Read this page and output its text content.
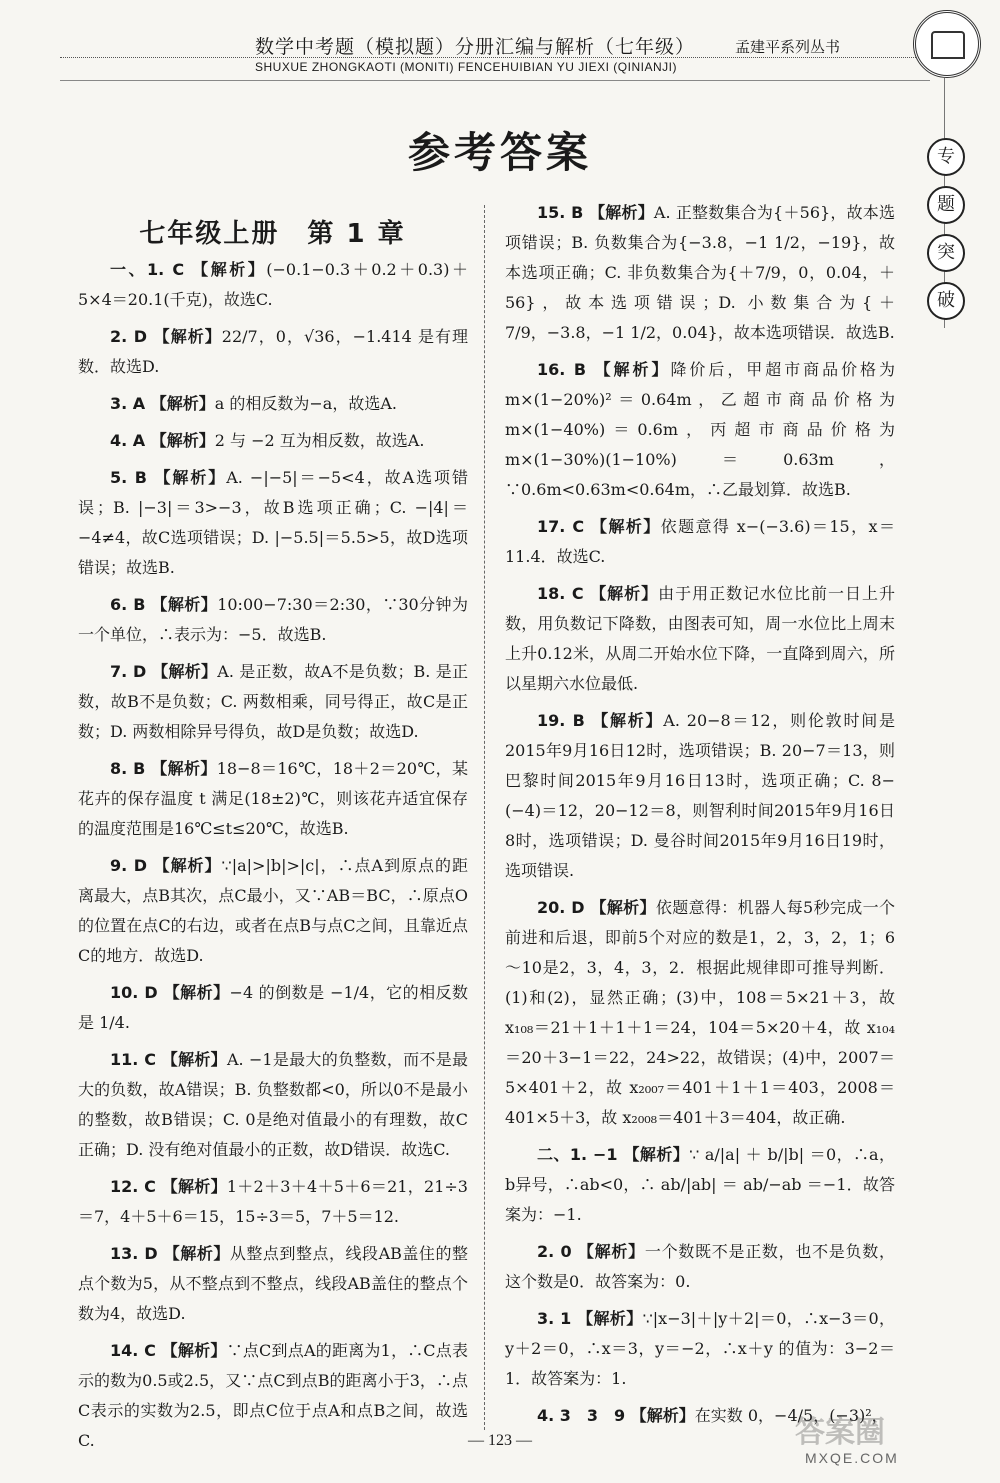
数学中考题（模拟题）分册汇编与解析（七年级）	孟建平系列丛书
SHUXUE ZHONGKAOTI (MONITI) FENCEHUIBIAN YU JIEXI (QINIANJI)
专
题
突
破
参考答案
七年级上册　第 1 章
一、1. C 【解析】(−0.1−0.3＋0.2＋0.3)＋5×4＝20.1(千克)，故选C.
2. D 【解析】22/7，0，√36，−1.414 是有理数．故选D.
3. A 【解析】a 的相反数为−a，故选A.
4. A 【解析】2 与 −2 互为相反数，故选A.
5. B 【解析】A. −|−5|＝−5<4，故A选项错误；B. |−3|＝3>−3，故B选项正确；C. −|4|＝−4≠4，故C选项错误；D. |−5.5|＝5.5>5，故D选项错误；故选B.
6. B 【解析】10:00−7:30＝2:30，∵30分钟为一个单位，∴表示为：−5．故选B.
7. D 【解析】A. 是正数，故A不是负数；B. 是正数，故B不是负数；C. 两数相乘，同号得正，故C是正数；D. 两数相除异号得负，故D是负数；故选D.
8. B 【解析】18−8＝16℃，18＋2＝20℃，某花卉的保存温度 t 满足(18±2)℃，则该花卉适宜保存的温度范围是16℃≤t≤20℃，故选B.
9. D 【解析】∵|a|>|b|>|c|，∴点A到原点的距离最大，点B其次，点C最小，又∵AB＝BC，∴原点O的位置在点C的右边，或者在点B与点C之间，且靠近点C的地方．故选D.
10. D 【解析】−4 的倒数是 −1/4，它的相反数是 1/4.
11. C 【解析】A. −1是最大的负整数，而不是最大的负数，故A错误；B. 负整数都<0，所以0不是最小的整数，故B错误；C. 0是绝对值最小的有理数，故C正确；D. 没有绝对值最小的正数，故D错误．故选C.
12. C 【解析】1＋2＋3＋4＋5＋6＝21，21÷3＝7，4＋5＋6＝15，15÷3＝5，7＋5＝12.
13. D 【解析】从整点到整点，线段AB盖住的整点个数为5，从不整点到不整点，线段AB盖住的整点个数为4，故选D.
14. C 【解析】∵点C到点A的距离为1，∴C点表示的数为0.5或2.5，又∵点C到点B的距离小于3，∴点C表示的实数为2.5，即点C位于点A和点B之间，故选C.
15. B 【解析】A. 正整数集合为{＋56}，故本选项错误；B. 负数集合为{−3.8，−1 1/2，−19}，故本选项正确；C. 非负数集合为{＋7/9，0，0.04，＋56}，故本选项错误；D. 小数集合为{＋7/9，−3.8，−1 1/2，0.04}，故本选项错误．故选B.
16. B 【解析】降价后，甲超市商品价格为m×(1−20%)²＝0.64m，乙超市商品价格为m×(1−40%)＝0.6m，丙超市商品价格为m×(1−30%)(1−10%)＝0.63m，∵0.6m<0.63m<0.64m，∴乙最划算．故选B.
17. C 【解析】依题意得 x−(−3.6)＝15，x＝11.4．故选C.
18. C 【解析】由于用正数记水位比前一日上升数，用负数记下降数，由图表可知，周一水位比上周末上升0.12米，从周二开始水位下降，一直降到周六，所以星期六水位最低.
19. B 【解析】A. 20−8＝12，则伦敦时间是2015年9月16日12时，选项错误；B. 20−7＝13，则巴黎时间2015年9月16日13时，选项正确；C. 8−(−4)＝12，20−12＝8，则智利时间2015年9月16日8时，选项错误；D. 曼谷时间2015年9月16日19时，选项错误.
20. D 【解析】依题意得：机器人每5秒完成一个前进和后退，即前5个对应的数是1，2，3，2，1；6～10是2，3，4，3，2．根据此规律即可推导判断．(1)和(2)，显然正确；(3)中，108＝5×21＋3，故 x₁₀₈＝21＋1＋1＋1＝24，104＝5×20＋4，故 x₁₀₄＝20＋3−1＝22，24>22，故错误；(4)中，2007＝5×401＋2，故 x₂₀₀₇＝401＋1＋1＝403，2008＝401×5＋3，故 x₂₀₀₈＝401＋3＝404，故正确.
二、1. −1 【解析】∵ a/|a| ＋ b/|b| ＝0，∴a，b异号，∴ab<0，∴ ab/|ab| ＝ ab/−ab ＝−1．故答案为：−1.
2. 0 【解析】一个数既不是正数，也不是负数，这个数是0．故答案为：0.
3. 1 【解析】∵|x−3|＋|y＋2|＝0，∴x−3＝0，y＋2＝0，∴x＝3，y＝−2，∴x＋y 的值为：3−2＝1．故答案为：1.
4. 3　3　9 【解析】在实数 0，−4/5，(−3)²，
— 123 —	答案圈
MXQE.COM
